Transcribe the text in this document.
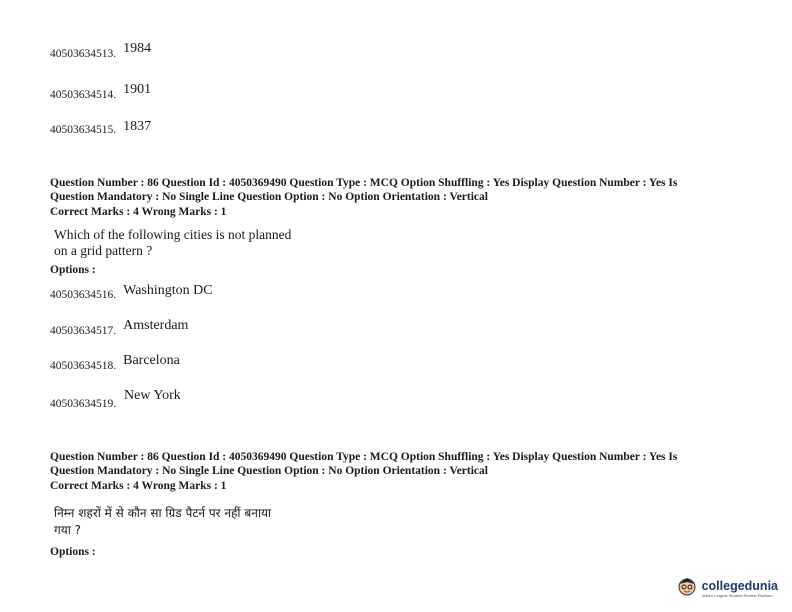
40503634513. 1984
40503634514. 1901
40503634515. 1837
Question Number : 86 Question Id : 4050369490 Question Type : MCQ Option Shuffling : Yes Display Question Number : Yes Is
Question Mandatory : No Single Line Question Option : No Option Orientation : Vertical
Correct Marks : 4 Wrong Marks : 1
Which of the following cities is not planned
on a grid pattern ?
Options :
$_{40503634516.}$ Washington DC
$_{40503634517.}$ Amsterdam
$_{40503634518.}$ Barcelona
New York
40503634519.
Question Number : 86 Question Id : 4050369490 Question Type : MCQ Option Shuffling : Yes Display Question Number : Yes Is
Question Mandatory : No Single Line Question Option : No Option Orientation : Vertical
Correct Marks : 4 Wrong Marks : 1
निम्न शहरों में से कौन सा ग्रिड पैटर्न पर नहीं बनाया
गया ?
Options :
collegedunia
India's Largest Student Review Platform
